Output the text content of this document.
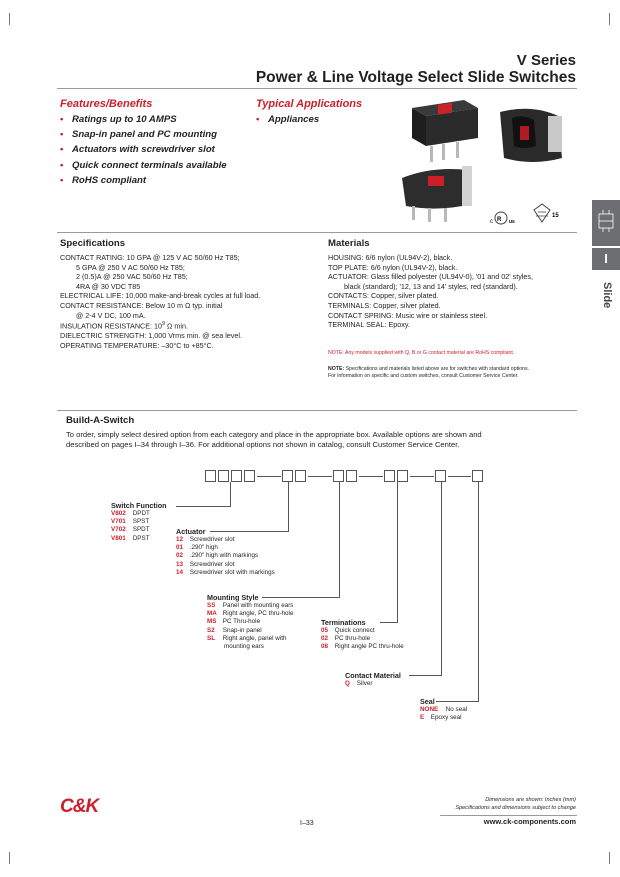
V Series
Power & Line Voltage Select Slide Switches
Features/Benefits
• Ratings up to 10 AMPS
• Snap-in panel and PC mounting
• Actuators with screwdriver slot
• Quick connect terminals available
• RoHS compliant
Typical Applications
• Appliances
c R us
15
I
Slide
Specifications
CONTACT RATING: 10 GPA @ 125 V AC 50/60 Hz T85;
5 GPA @ 250 V AC 50/60 Hz T85;
2 (0.5)A @ 250 VAC 50/60 Hz T85;
4RA @ 30 VDC T85
ELECTRICAL LIFE: 10,000 make-and-break cycles at full load.
CONTACT RESISTANCE: Below 10 m Ω typ. initial
@ 2-4 V DC, 100 mA.
INSULATION RESISTANCE: $10^9$ Ω min.
DIELECTRIC STRENGTH: 1,000 Vrms min. @ sea level.
OPERATING TEMPERATURE: –30°C to +85°C.
Materials
HOUSING: 6/6 nylon (UL94V-2), black.
TOP PLATE: 6/6 nylon (UL94V-2), black.
ACTUATOR: Glass filled polyester (UL94V-0), '01 and 02' styles,
black (standard); '12, 13 and 14' styles, red (standard).
CONTACTS: Copper, silver plated.
TERMINALS: Copper, silver plated.
CONTACT SPRING: Music wire or stainless steel.
TERMINAL SEAL: Epoxy.
NOTE: Any models supplied with Q, B or G contact material are RoHS compliant.
NOTE: Specifications and materials listed above are for switches with standard options.
For information on specific and custom switches, consult Customer Service Center.
Build-A-Switch
To order, simply select desired option from each category and place in the appropriate box. Available options are shown and
described on pages I–34 through I–36. For additional options not shown in catalog, consult Customer Service Center.
Switch Function
V802 DPDT
V701 SPST
V702 SPDT
V801 DPST
Actuator
12 Screwdriver slot
01 .290" high
02 .290" high with markings
13 Screwdriver slot
14 Screwdriver slot with markings
Mounting Style
SS Panel with mounting ears
MA Right angle, PC thru-hole
MS PC Thru-hole
S2 Snap-in panel
SL Right angle, panel with
mounting ears
Terminations
05 Quick connect
02 PC thru-hole
08 Right angle PC thru-hole
Contact Material
Q Silver
Seal
NONE No seal
E Epoxy seal
C&K	Dimensions are shown: Inches (mm)
Specifications and dimensions subject to change
I–33	www.ck-components.com
